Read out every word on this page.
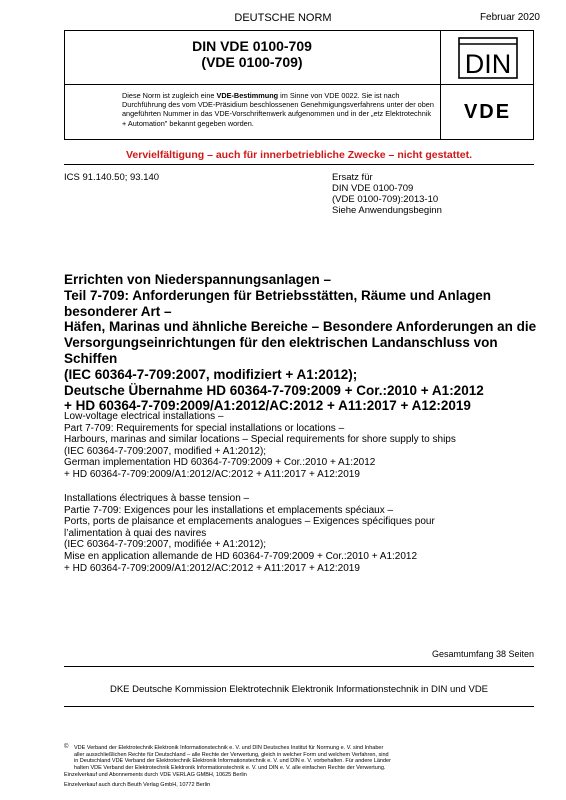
DEUTSCHE NORM	Februar 2020
DIN VDE 0100-709
(VDE 0100-709)
Diese Norm ist zugleich eine VDE-Bestimmung im Sinne von VDE 0022. Sie ist nach Durchführung des vom VDE-Präsidium beschlossenen Genehmigungsverfahrens unter der oben angeführten Nummer in das VDE-Vorschriftenwerk aufgenommen und in der „etz Elektrotechnik + Automation" bekannt gegeben worden.
DIN
VDE
Vervielfältigung – auch für innerbetriebliche Zwecke – nicht gestattet.
ICS 91.140.50; 93.140	Ersatz für
DIN VDE 0100-709
(VDE 0100-709):2013-10
Siehe Anwendungsbeginn
Errichten von Niederspannungsanlagen –
Teil 7-709: Anforderungen für Betriebsstätten, Räume und Anlagen
besonderer Art –
Häfen, Marinas und ähnliche Bereiche – Besondere Anforderungen an die
Versorgungseinrichtungen für den elektrischen Landanschluss von
Schiffen
(IEC 60364-7-709:2007, modifiziert + A1:2012);
Deutsche Übernahme HD 60364-7-709:2009 + Cor.:2010 + A1:2012
+ HD 60364-7-709:2009/A1:2012/AC:2012 + A11:2017 + A12:2019
Low-voltage electrical installations –
Part 7-709: Requirements for special installations or locations –
Harbours, marinas and similar locations – Special requirements for shore supply to ships
(IEC 60364-7-709:2007, modified + A1:2012);
German implementation HD 60364-7-709:2009 + Cor.:2010 + A1:2012
+ HD 60364-7-709:2009/A1:2012/AC:2012 + A11:2017 + A12:2019
Installations électriques à basse tension –
Partie 7-709: Exigences pour les installations et emplacements spéciaux –
Ports, ports de plaisance et emplacements analogues – Exigences spécifiques pour
l’alimentation à quai des navires
(IEC 60364-7-709:2007, modifiée + A1:2012);
Mise en application allemande de HD 60364-7-709:2009 + Cor.:2010 + A1:2012
+ HD 60364-7-709:2009/A1:2012/AC:2012 + A11:2017 + A12:2019
Gesamtumfang 38 Seiten
DKE Deutsche Kommission Elektrotechnik Elektronik Informationstechnik in DIN und VDE
©	VDE Verband der Elektrotechnik Elektronik Informationstechnik e. V. und DIN Deutsches Institut für Normung e. V. sind Inhaber
aller ausschließlichen Rechte für Deutschland – alle Rechte der Verwertung, gleich in welcher Form und welchem Verfahren, sind
in Deutschland VDE Verband der Elektrotechnik Elektronik Informationstechnik e. V. und DIN e. V. vorbehalten. Für andere Länder
halten VDE Verband der Elektrotechnik Elektronik Informationstechnik e. V. und DIN e. V. alle einfachen Rechte der Verwertung.
Einzelverkauf und Abonnements durch VDE VERLAG GMBH, 10625 Berlin
Einzelverkauf auch durch Beuth Verlag GmbH, 10772 Berlin
